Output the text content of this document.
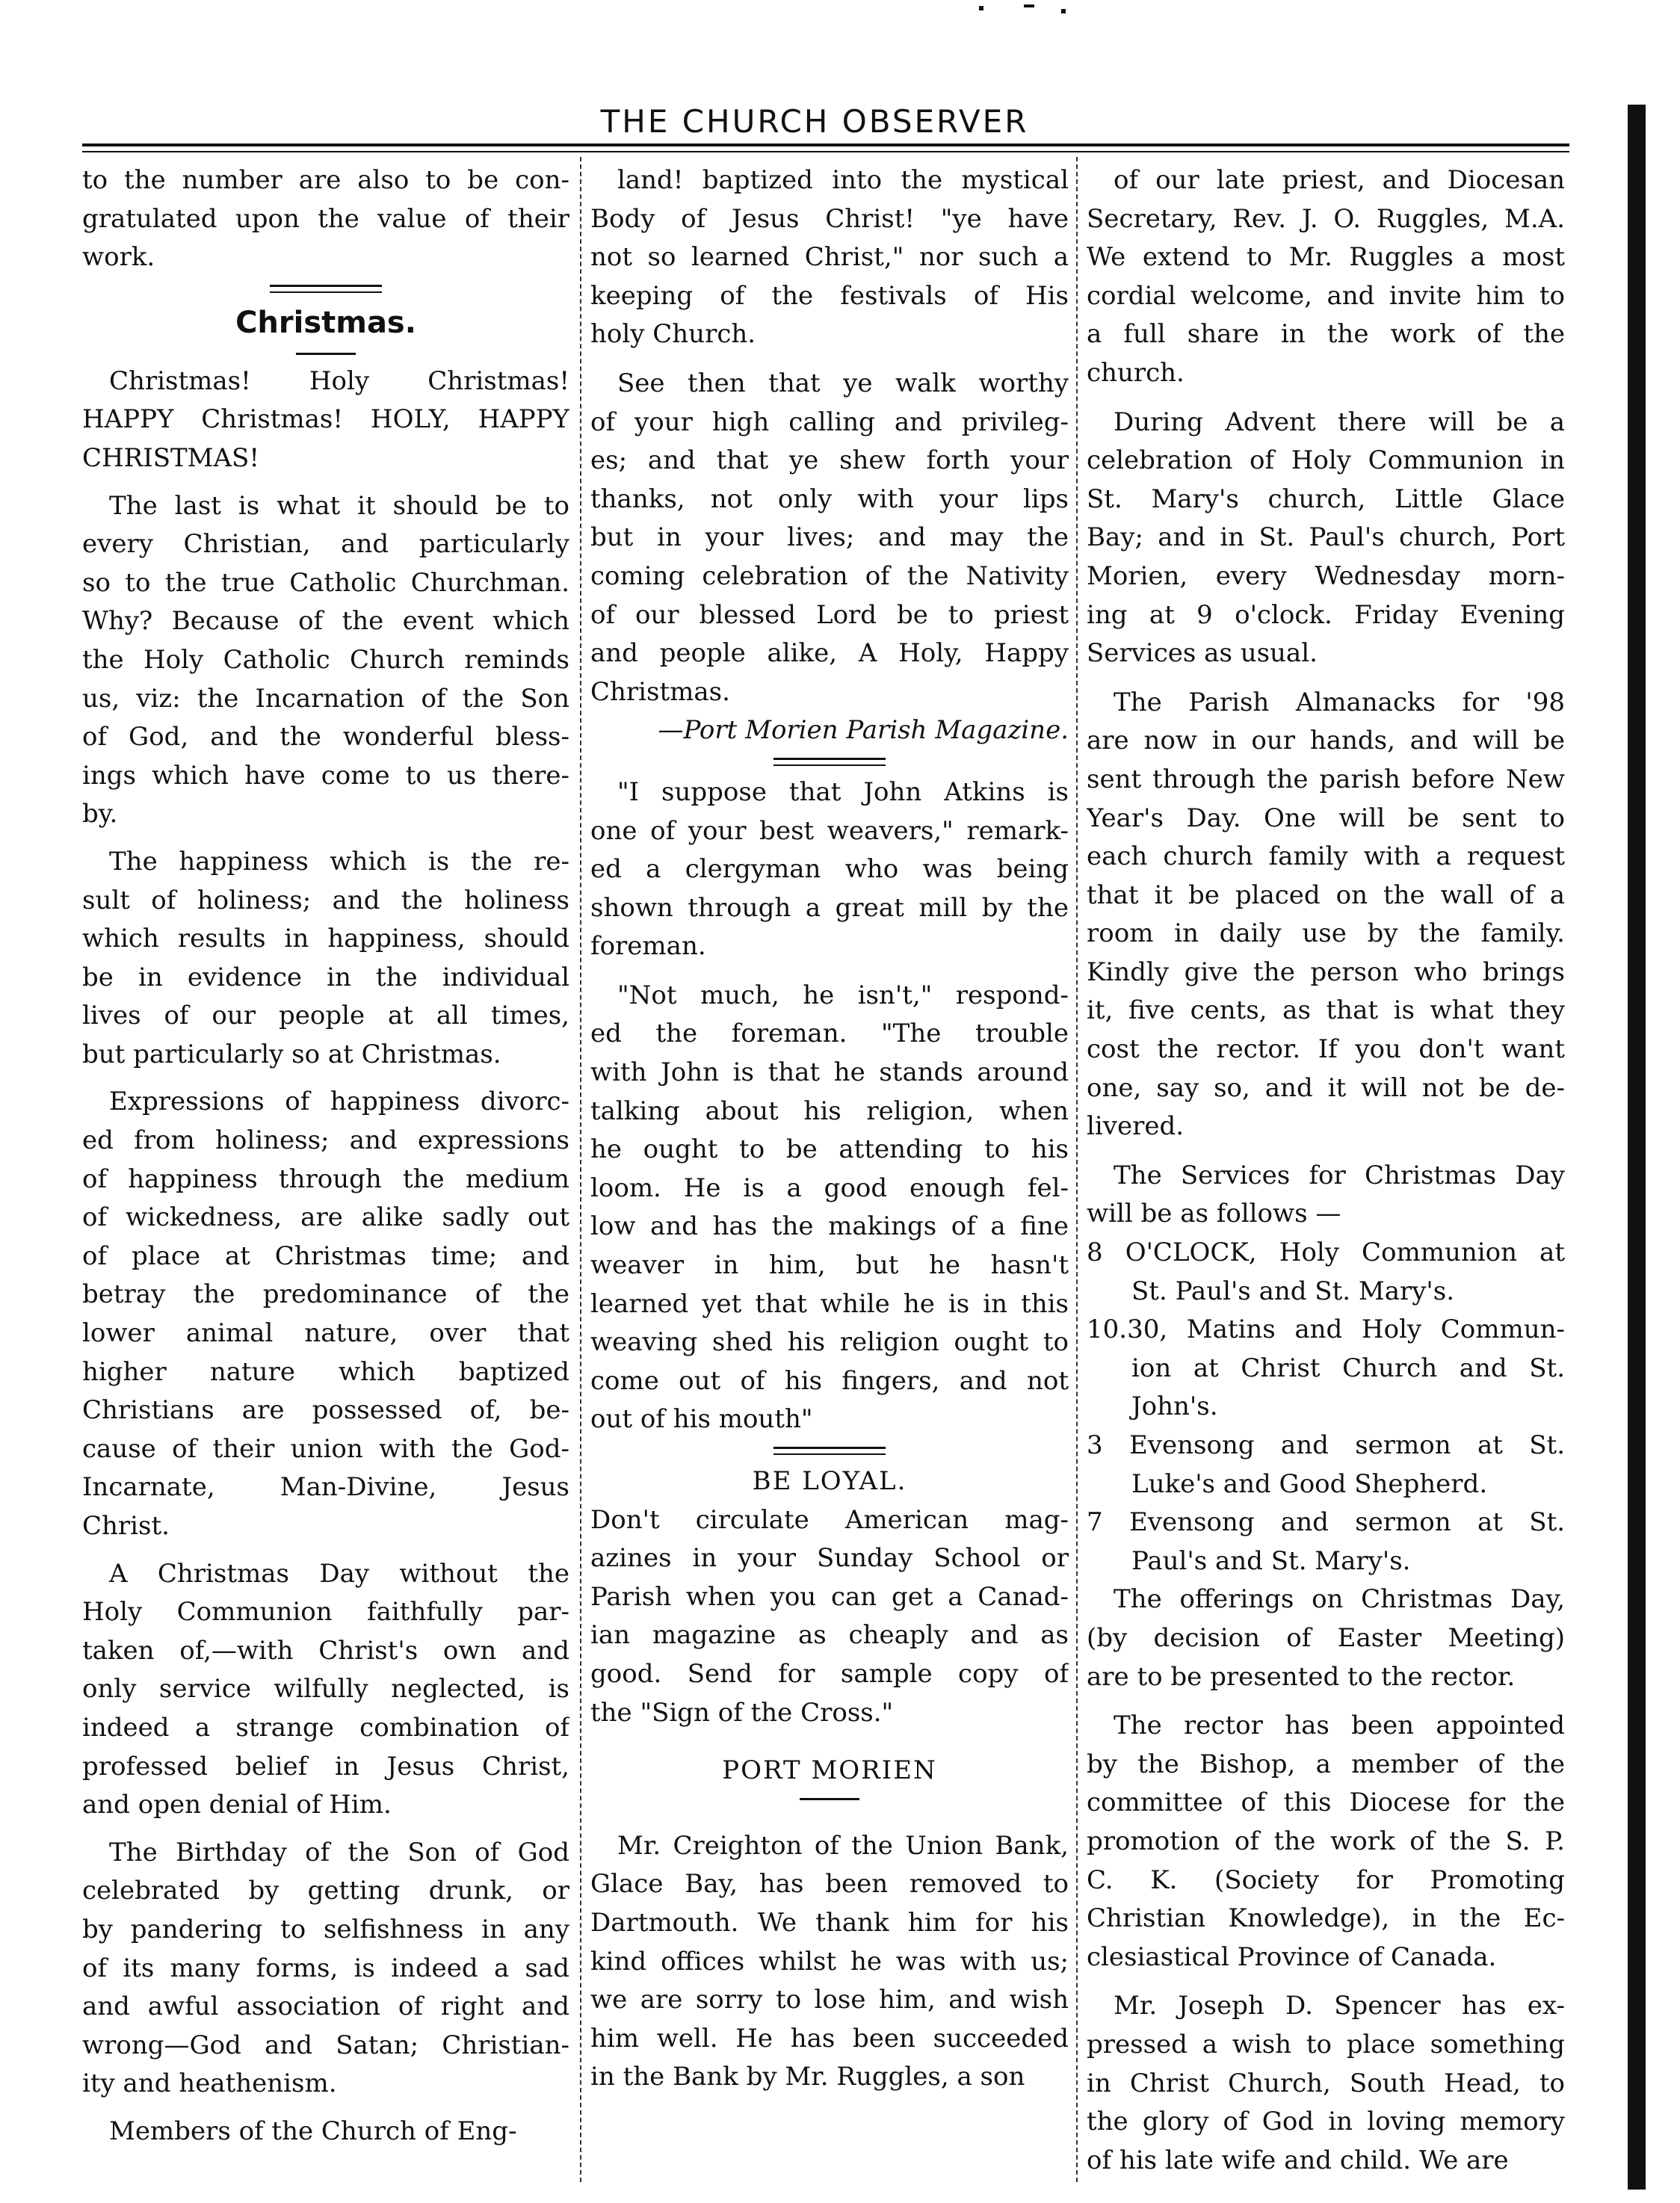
THE CHURCH OBSERVER
to the number are also to be con-
gratulated upon the value of their
work.
Christmas.
Christmas! Holy Christmas!
HAPPY Christmas! HOLY, HAPPY
CHRISTMAS!
The last is what it should be to
every Christian, and particularly
so to the true Catholic Churchman.
Why? Because of the event which
the Holy Catholic Church reminds
us, viz: the Incarnation of the Son
of God, and the wonderful bless-
ings which have come to us there-
by.
The happiness which is the re-
sult of holiness; and the holiness
which results in happiness, should
be in evidence in the individual
lives of our people at all times,
but particularly so at Christmas.
Expressions of happiness divorc-
ed from holiness; and expressions
of happiness through the medium
of wickedness, are alike sadly out
of place at Christmas time; and
betray the predominance of the
lower animal nature, over that
higher nature which baptized
Christians are possessed of, be-
cause of their union with the God-
Incarnate, Man-Divine, Jesus
Christ.
A Christmas Day without the
Holy Communion faithfully par-
taken of,—with Christ's own and
only service wilfully neglected, is
indeed a strange combination of
professed belief in Jesus Christ,
and open denial of Him.
The Birthday of the Son of God
celebrated by getting drunk, or
by pandering to selfishness in any
of its many forms, is indeed a sad
and awful association of right and
wrong—God and Satan; Christian-
ity and heathenism.
Members of the Church of Eng-
land! baptized into the mystical
Body of Jesus Christ! "ye have
not so learned Christ," nor such a
keeping of the festivals of His
holy Church.
See then that ye walk worthy
of your high calling and privileg-
es; and that ye shew forth your
thanks, not only with your lips
but in your lives; and may the
coming celebration of the Nativity
of our blessed Lord be to priest
and people alike, A Holy, Happy
Christmas.
—Port Morien Parish Magazine.
"I suppose that John Atkins is
one of your best weavers," remark-
ed a clergyman who was being
shown through a great mill by the
foreman.
"Not much, he isn't," respond-
ed the foreman. "The trouble
with John is that he stands around
talking about his religion, when
he ought to be attending to his
loom. He is a good enough fel-
low and has the makings of a fine
weaver in him, but he hasn't
learned yet that while he is in this
weaving shed his religion ought to
come out of his fingers, and not
out of his mouth"
BE LOYAL.
Don't circulate American mag-
azines in your Sunday School or
Parish when you can get a Canad-
ian magazine as cheaply and as
good. Send for sample copy of
the "Sign of the Cross."
PORT MORIEN
Mr. Creighton of the Union Bank,
Glace Bay, has been removed to
Dartmouth. We thank him for his
kind offices whilst he was with us;
we are sorry to lose him, and wish
him well. He has been succeeded
in the Bank by Mr. Ruggles, a son
of our late priest, and Diocesan
Secretary, Rev. J. O. Ruggles, M.A.
We extend to Mr. Ruggles a most
cordial welcome, and invite him to
a full share in the work of the
church.
During Advent there will be a
celebration of Holy Communion in
St. Mary's church, Little Glace
Bay; and in St. Paul's church, Port
Morien, every Wednesday morn-
ing at 9 o'clock. Friday Evening
Services as usual.
The Parish Almanacks for '98
are now in our hands, and will be
sent through the parish before New
Year's Day. One will be sent to
each church family with a request
that it be placed on the wall of a
room in daily use by the family.
Kindly give the person who brings
it, five cents, as that is what they
cost the rector. If you don't want
one, say so, and it will not be de-
livered.
The Services for Christmas Day
will be as follows —
8 O'CLOCK, Holy Communion at
St. Paul's and St. Mary's.
10.30, Matins and Holy Commun-
ion at Christ Church and St.
John's.
3 Evensong and sermon at St.
Luke's and Good Shepherd.
7 Evensong and sermon at St.
Paul's and St. Mary's.
The offerings on Christmas Day,
(by decision of Easter Meeting)
are to be presented to the rector.
The rector has been appointed
by the Bishop, a member of the
committee of this Diocese for the
promotion of the work of the S. P.
C. K. (Society for Promoting
Christian Knowledge), in the Ec-
clesiastical Province of Canada.
Mr. Joseph D. Spencer has ex-
pressed a wish to place something
in Christ Church, South Head, to
the glory of God in loving memory
of his late wife and child. We are
